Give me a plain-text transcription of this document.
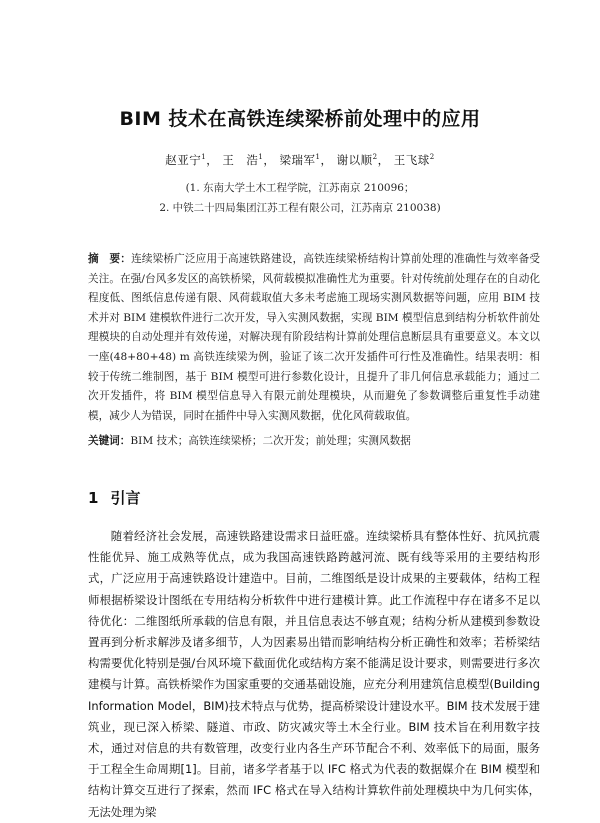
BIM 技术在高铁连续梁桥前处理中的应用
赵亚宁$^1$， 王　浩$^1$， 梁瑞军$^1$， 谢以顺$^2$， 王飞球$^2$
(1. 东南大学土木工程学院，江苏南京 210096；
2. 中铁二十四局集团江苏工程有限公司，江苏南京 210038)
摘　要：连续梁桥广泛应用于高速铁路建设，高铁连续梁桥结构计算前处理的准确性与效率备受关注。在强/台风多发区的高铁桥梁，风荷载模拟准确性尤为重要。针对传统前处理存在的自动化程度低、图纸信息传递有限、风荷载取值大多未考虑施工现场实测风数据等问题，应用 BIM 技术并对 BIM 建模软件进行二次开发，导入实测风数据，实现 BIM 模型信息到结构分析软件前处理模块的自动处理并有效传递，对解决现有阶段结构计算前处理信息断层具有重要意义。本文以一座(48+80+48) m 高铁连续梁为例，验证了该二次开发插件可行性及准确性。结果表明：相较于传统二维制图，基于 BIM 模型可进行参数化设计，且提升了非几何信息承载能力；通过二次开发插件，将 BIM 模型信息导入有限元前处理模块，从而避免了参数调整后重复性手动建模，减少人为错误，同时在插件中导入实测风数据，优化风荷载取值。
关键词：BIM 技术；高铁连续梁桥；二次开发；前处理；实测风数据
1 引言
随着经济社会发展，高速铁路建设需求日益旺盛。连续梁桥具有整体性好、抗风抗震性能优异、施工成熟等优点，成为我国高速铁路跨越河流、既有线等采用的主要结构形式，广泛应用于高速铁路设计建造中。目前，二维图纸是设计成果的主要载体，结构工程师根据桥梁设计图纸在专用结构分析软件中进行建模计算。此工作流程中存在诸多不足以待优化：二维图纸所承载的信息有限，并且信息表达不够直观；结构分析从建模到参数设置再到分析求解涉及诸多细节，人为因素易出错而影响结构分析正确性和效率；若桥梁结构需要优化特别是强/台风环境下截面优化或结构方案不能满足设计要求，则需要进行多次建模与计算。高铁桥梁作为国家重要的交通基础设施，应充分利用建筑信息模型(Building Information Model，BIM)技术特点与优势，提高桥梁设计建设水平。BIM 技术发展于建筑业，现已深入桥梁、隧道、市政、防灾减灾等土木全行业。BIM 技术旨在利用数字技术，通过对信息的共有数管理，改变行业内各生产环节配合不利、效率低下的局面，服务于工程全生命周期[1]。目前，诸多学者基于以 IFC 格式为代表的数据媒介在 BIM 模型和结构计算交互进行了探索，然而 IFC 格式在导入结构计算软件前处理模块中为几何实体，无法处理为梁
